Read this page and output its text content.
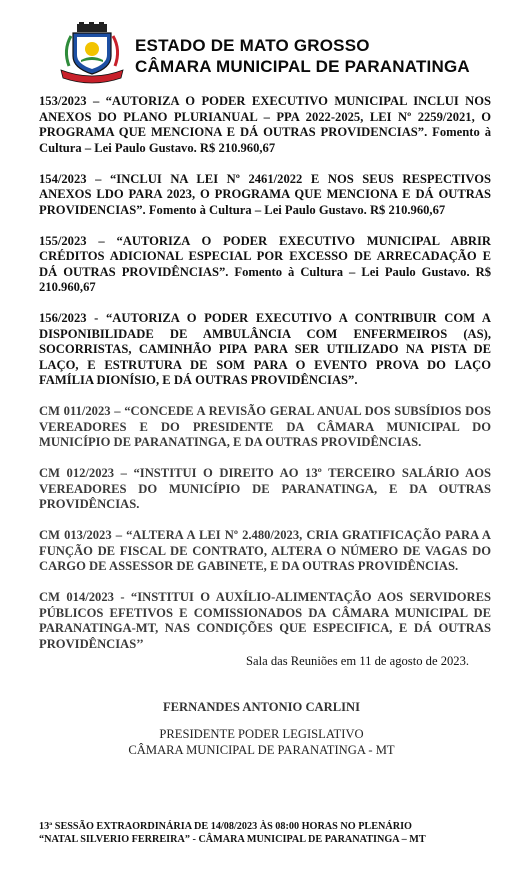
ESTADO DE MATO GROSSO
CÂMARA MUNICIPAL DE PARANATINGA

153/2023 – “AUTORIZA O PODER EXECUTIVO MUNICIPAL INCLUI NOS ANEXOS DO PLANO PLURIANUAL – PPA 2022-2025, LEI Nº 2259/2021, O PROGRAMA QUE MENCIONA E DÁ OUTRAS PROVIDENCIAS”. Fomento à Cultura – Lei Paulo Gustavo. R$ 210.960,67

154/2023 – “INCLUI NA LEI Nº 2461/2022 E NOS SEUS RESPECTIVOS ANEXOS LDO PARA 2023, O PROGRAMA QUE MENCIONA E DÁ OUTRAS PROVIDENCIAS”. Fomento à Cultura – Lei Paulo Gustavo. R$ 210.960,67

155/2023 – “AUTORIZA O PODER EXECUTIVO MUNICIPAL ABRIR CRÉDITOS ADICIONAL ESPECIAL POR EXCESSO DE ARRECADAÇÃO E DÁ OUTRAS PROVIDÊNCIAS”. Fomento à Cultura – Lei Paulo Gustavo. R$ 210.960,67

156/2023 - “AUTORIZA O PODER EXECUTIVO A CONTRIBUIR COM A DISPONIBILIDADE DE AMBULÂNCIA COM ENFERMEIROS (AS), SOCORRISTAS, CAMINHÃO PIPA PARA SER UTILIZADO NA PISTA DE LAÇO, E ESTRUTURA DE SOM PARA O EVENTO PROVA DO LAÇO FAMÍLIA DIONÍSIO, E DÁ OUTRAS PROVIDÊNCIAS”.

CM 011/2023 – “CONCEDE A REVISÃO GERAL ANUAL DOS SUBSÍDIOS DOS VEREADORES E DO PRESIDENTE DA CÂMARA MUNICIPAL DO MUNICÍPIO DE PARANATINGA, E DA OUTRAS PROVIDÊNCIAS.

CM 012/2023 – “INSTITUI O DIREITO AO 13º TERCEIRO SALÁRIO AOS VEREADORES DO MUNICÍPIO DE PARANATINGA, E DA OUTRAS PROVIDÊNCIAS.

CM 013/2023 – “ALTERA A LEI Nº 2.480/2023, CRIA GRATIFICAÇÃO PARA A FUNÇÃO DE FISCAL DE CONTRATO, ALTERA O NÚMERO DE VAGAS DO CARGO DE ASSESSOR DE GABINETE, E DA OUTRAS PROVIDÊNCIAS.

CM 014/2023 - “INSTITUI O AUXÍLIO-ALIMENTAÇÃO AOS SERVIDORES PÚBLICOS EFETIVOS E COMISSIONADOS DA CÂMARA MUNICIPAL DE PARANATINGA-MT, NAS CONDIÇÕES QUE ESPECIFICA, E DÁ OUTRAS PROVIDÊNCIAS’’

Sala das Reuniões em 11 de agosto de 2023.
FERNANDES ANTONIO CARLINI
PRESIDENTE PODER LEGISLATIVO
CÂMARA MUNICIPAL DE PARANATINGA - MT
13ª SESSÃO EXTRAORDINÁRIA DE 14/08/2023 ÀS 08:00 HORAS NO PLENÁRIO
“NATAL SILVERIO FERREIRA” - CÂMARA MUNICIPAL DE PARANATINGA – MT
